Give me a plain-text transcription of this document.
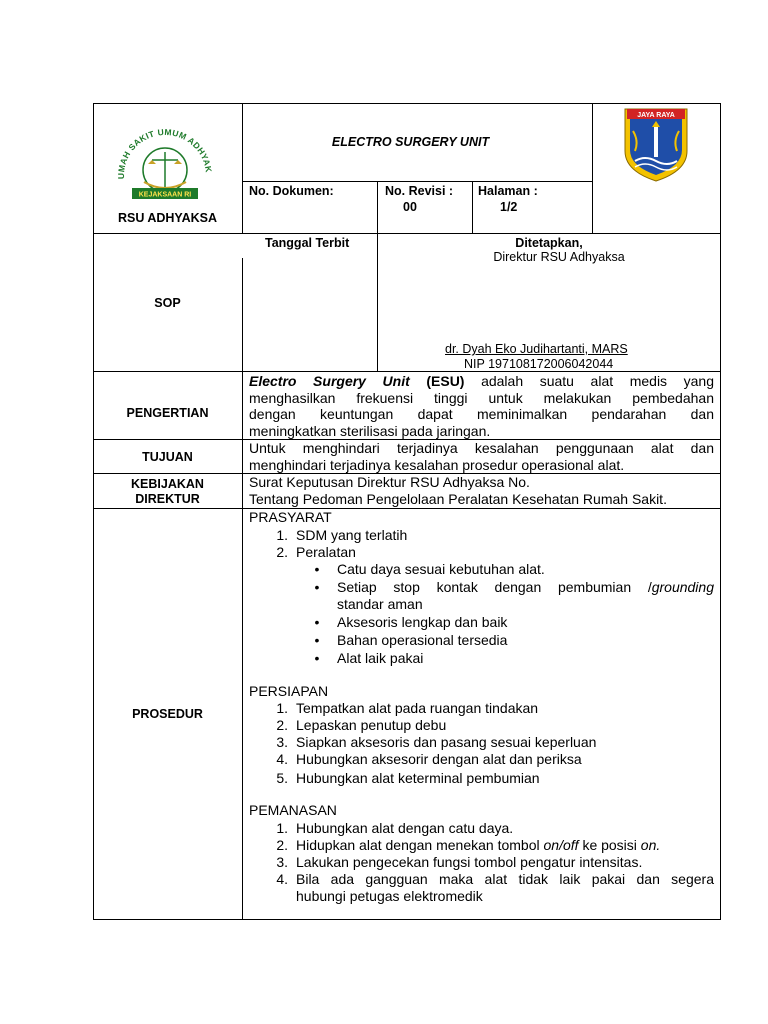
UMAH SAKIT UMUM ADHYAK
KEJAKSAAN RI
RSU ADHYAKSA
ELECTRO SURGERY UNIT
JAYA RAYA
No. Dokumen:	No. Revisi :
00
Halaman :
1/2
SOP
Tanggal Terbit	Ditetapkan,
Direktur RSU Adhyaksa
dr. Dyah Eko Judihartanti, MARS
NIP 197108172006042044
PENGERTIAN
Electro Surgery Unit (ESU) adalah suatu alat medis yang
menghasilkan frekuensi tinggi untuk melakukan pembedahan
dengan keuntungan dapat meminimalkan pendarahan dan
meningkatkan sterilisasi pada jaringan.
TUJUAN
Untuk menghindari terjadinya kesalahan penggunaan alat dan
menghindari terjadinya kesalahan prosedur operasional alat.
KEBIJAKAN
DIREKTUR
Surat Keputusan Direktur RSU Adhyaksa No.
Tentang Pedoman Pengelolaan Peralatan Kesehatan Rumah Sakit.
PROSEDUR
PRASYARAT
1. SDM yang terlatih
2. Peralatan
• Catu daya sesuai kebutuhan alat.
• Setiap stop kontak dengan pembumian /grounding
standar aman
• Aksesoris lengkap dan baik
• Bahan operasional tersedia
• Alat laik pakai
PERSIAPAN
1. Tempatkan alat pada ruangan tindakan
2. Lepaskan penutup debu
3. Siapkan aksesoris dan pasang sesuai keperluan
4. Hubungkan aksesorir dengan alat dan periksa
5. Hubungkan alat keterminal pembumian
PEMANASAN
1. Hubungkan alat dengan catu daya.
2. Hidupkan alat dengan menekan tombol on/off ke posisi on.
3. Lakukan pengecekan fungsi tombol pengatur intensitas.
4. Bila ada gangguan maka alat tidak laik pakai dan segera
hubungi petugas elektromedik
